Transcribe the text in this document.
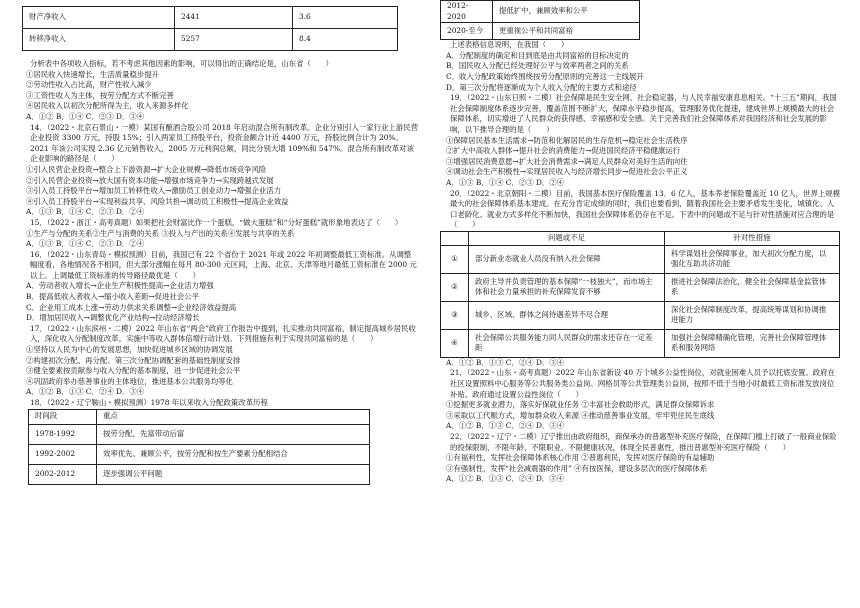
财产净收入	2441	3.6
转移净收入	5257	8.4

分析表中各项收入指标，若不考虑其他因素的影响，可以得出的正确结论是，山东省（　　）

①居民收入快速增长，生活质量稳步提升

②劳动性收入占比高，财产性收入减少

③工资性收入为主体，按劳分配方式不断完善

④居民收入以初次分配所得为主，收入来源多样化

A．①② B．①④ C．②③ D．③④

14．（2022・北京石景山・一模）某国有酿酒合股公司 2018 年启动混合所有制改革。企业分别引入一家行业上游民营企业投资 3300 万元，持股 15%；引入两家员工持股平台，投资金额合计近 4400 万元，持股比例合计为 20%。2021 年该公司实现 2.36 亿元销售收入，2005 万元利润总额，同比分别大增 109%和 547%。混合所有制改革对该企业影响的路径是（　　）

①引入民营企业投资→整合上下游资源→扩大企业规模→降低市场竞争风险

②引入民营企业投资→放大国有资本功能→增强市场竞争力→实现跨越式发展

③引入员工持股平台→增加员工转移性收入→激励员工创业动力→增强企业活力

④引入员工持股平台→实现利益共享、风险共担→调动员工积极性→提高企业效益

A．①③ B．①④ C．②③ D．②④

15．（2022・浙江・高考真题）如果把社会财富比作一个蛋糕，“做大蛋糕”和“分好蛋糕”就形象地表达了（　　）

①生产与分配的关系②生产与消费的关系 ③投入与产出的关系④发展与共享的关系

A．①③ B．①④ C．②③ D．②④

16．（2022・山东青岛・模拟预测）目前，我国已有 22 个省份于 2021 年或 2022 年初调整最低工资标准。从调整幅度看，各地情况各不相同，但大部分涨幅在每月 80-300 元区间，上海、北京、天津等地月最低工资标准在 2000 元以上。上调最低工资标准的传导路径最优是（　　）

A．劳动者收入增长→企业生产积极性提高→企业活力增强

B．提高低收入者收入→缩小收入差距→促进社会公平

C．企业用工成本上涨→劳动力供求关系调整→企业经济效益提高

D．增加居民收入→调整优化产业结构→拉动经济增长

17．（2022・山东滨州・二模）2022 年山东省“两会”政府工作报告中提到，扎实推动共同富裕，制定提高城乡居民收入，深化收入分配制度改革，实施中等收入群体倍增行动计划。下列措施有利于实现共同富裕的是（　　）

①坚持以人民为中心的发展思想，加快促进城乡区域的协调发展

②构建初次分配、再分配、第三次分配协调配套的基础性制度安排

③健全要素按贡献参与收入分配的基本制度，进一步促进社会公平

④巩固政府举办慈善事业的主体地位，推进基本公共服务均等化

A．①② B．①③ C．②④ D．③④

18．（2022・辽宁鞍山・模拟预测）1978 年以来收入分配政策改革历程

时间段	重点
1978-1992	按劳分配，先富带动后富
1992-2002	效率优先、兼顾公平，按劳分配和按生产要素分配相结合
2002-2012	逐步强调公平问题
2012-2020	提低扩中，兼顾效率和公平
2020-至今	更重视公平和共同富裕

上述表格信息说明，在我国（　　）

A．分配制度的确定和目到底是由共同富裕的目标决定的

B．国民收入分配已经处理好公平与效率两者之间的关系

C．收入分配政策始终围绕按劳分配原则的完善这一主线展开

D．第三次分配将逐渐成为个人收入分配的主要方式和途径

19．（2022・山东日照・二模）社会保障是民生安全网、社会稳定器，与人民幸福安康息息相关。“十三五”期间，我国社会保障制度体系逐步完善，覆盖范围不断扩大，保障水平稳步提高，管理服务优化提速，建成世界上规模最大的社会保障体系，切实增进了人民群众的获得感、幸福感和安全感。关于完善我们社会保障体系对我国经济和社会发展的影响，以下推导合理的是（　　）

①保障居民基本生活需求→防范和化解居民的生存危机→稳定社会生活秩序

②扩大中高收入群体→提升社会的消费能力→促进国民经济平稳健康运行

③增强居民消费意愿→扩大社会消费需求→满足人民群众对美好生活的向往

④调动社会生产积极性→实现居民收入与经济增长同步→促进社会公平正义

A．①③ B．①④ C．②③ D．②④

20．（2022・北京朝阳・二模）目前，我国基本医疗保险覆盖 13．6 亿人，基本养老保险覆盖近 10 亿人，世界上规模最大的社会保障体系基本建成。在充分肯定成绩的同时，我们也要看到，随着我国社会主要矛盾发生变化，城镇化、人口老龄化、就业方式多样化不断加快，我国社会保障体系仍存在不足。下表中的问题或不足与针对性措施对应合理的是（　　）

	问题或不足	针对性措施
①	部分新业态就业人员没有纳入社会保障	科学谋划社会保障事业，加大初次分配力度，以强化互助共济功能
②	政府主导并负责管理的基本保障“一枝独大”，而市场主体和社会力量承担的补充保障发育不够	推进社会保障法治化，健全社会保障基金监管体系
③	城乡、区域、群体之间待遇差异不尽合理	深化社会保障制度改革，提高统筹谋划和协调推进能力
④	社会保障公共服务能力同人民群众的需求还存在一定差距	加强社会保障精确化管理，完善社会保障管理体系和服务网络

A．①② B．①③ C．②④ D．③④

21．（2022・山东・高考真题）2022 年山东省新设 40 万个城乡公益性岗位，对就业困难人员予以托底安置。政府在社区设置照料中心服务等公共服务类公益岗、网格员等公共管理类公益岗，按照不低于当地小时最低工资标准发放岗位补贴。政府通过设置公益性岗位（　　）

①挖掘更多就业潜力，落实好保就业任务 ②丰富社会救助形式，满足群众保障诉求

③采取以工代赈方式，增加群众收入来源 ④推动慈善事业发展，牢牢兜住民生底线

A．①② B．①③ C．②④ D．③④

22．（2022・辽宁・二模）辽宁推出由政府组织，商保承办的普惠型补充医疗保险，在保障门槛上打破了一般商业保险的投保限制，不限年龄、不限职业、不限健康状况，体现全民普惠性，推出普惠型补充医疗保险（　　）

①有福利性，发挥社会保障体系核心作用 ②普惠利民，发挥对医疗保险的有益辅助

③有强制性，发挥“社会减震器的作用” ④有按医保，建设多层次的医疗保障体系

A．①② B．①③ C．②④ D．③④
